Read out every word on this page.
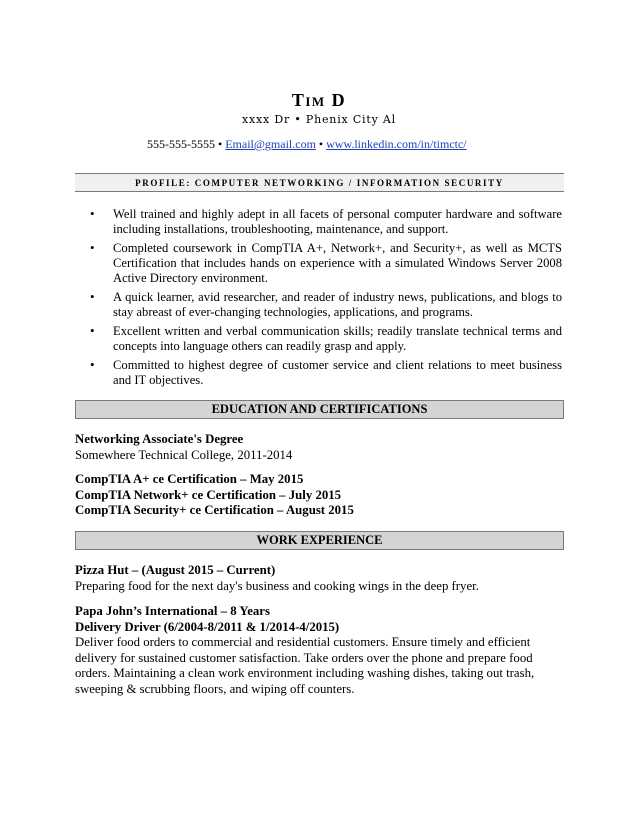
Tim D
xxxx Dr • Phenix City Al
555-555-5555 • Email@gmail.com • www.linkedin.com/in/timctc/
PROFILE: COMPUTER NETWORKING / INFORMATION SECURITY
• Well trained and highly adept in all facets of personal computer hardware and software including installations, troubleshooting, maintenance, and support.
• Completed coursework in CompTIA A+, Network+, and Security+, as well as MCTS Certification that includes hands on experience with a simulated Windows Server 2008 Active Directory environment.
• A quick learner, avid researcher, and reader of industry news, publications, and blogs to stay abreast of ever-changing technologies, applications, and programs.
• Excellent written and verbal communication skills; readily translate technical terms and concepts into language others can readily grasp and apply.
• Committed to highest degree of customer service and client relations to meet business and IT objectives.
EDUCATION AND CERTIFICATIONS
Networking Associate's Degree
Somewhere Technical College, 2011-2014
CompTIA A+ ce Certification – May 2015
CompTIA Network+ ce Certification – July 2015
CompTIA Security+ ce Certification – August 2015
WORK EXPERIENCE
Pizza Hut – (August 2015 – Current)
Preparing food for the next day's business and cooking wings in the deep fryer.
Papa John’s International – 8 Years
Delivery Driver (6/2004-8/2011 & 1/2014-4/2015)
Deliver food orders to commercial and residential customers. Ensure timely and efficient delivery for sustained customer satisfaction. Take orders over the phone and prepare food orders. Maintaining a clean work environment including washing dishes, taking out trash, sweeping & scrubbing floors, and wiping off counters.
